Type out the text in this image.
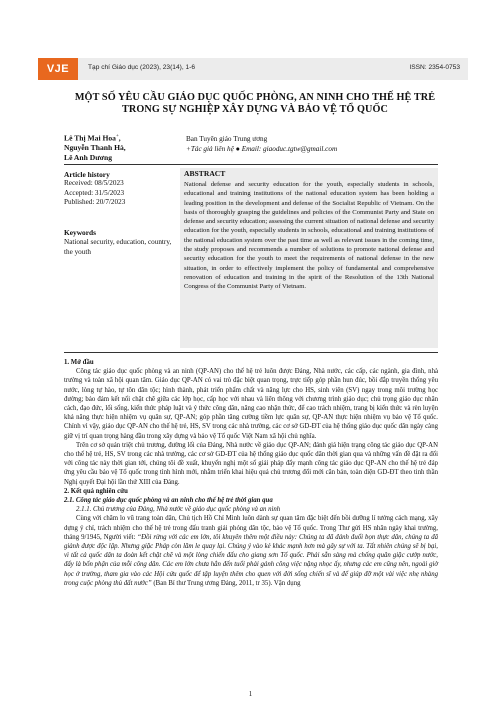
VJE	Tạp chí Giáo dục (2023), 23(14), 1-6	ISSN: 2354-0753
MỘT SỐ YÊU CẦU GIÁO DỤC QUỐC PHÒNG, AN NINH CHO THẾ HỆ TRẺ
TRONG SỰ NGHIỆP XÂY DỰNG VÀ BẢO VỆ TỔ QUỐC
Lê Thị Mai Hoa+,
Nguyễn Thanh Hà,
Lê Anh Dương
Ban Tuyên giáo Trung ương
+Tác giả liên hệ ● Email: giaoduc.tgtw@gmail.com
Article history
Received: 08/5/2023
Accepted: 31/5/2023
Published: 20/7/2023
Keywords
National security, education, country, the youth
ABSTRACT
National defense and security education for the youth, especially students in schools, educational and training institutions of the national education system has been holding a leading position in the development and defense of the Socialist Republic of Vietnam. On the basis of thoroughly grasping the guidelines and policies of the Communist Party and State on defense and security education; assessing the current situation of national defense and security education for the youth, especially students in schools, educational and training institutions of the national education system over the past time as well as relevant issues in the coming time, the study proposes and recommends a number of solutions to promote national defense and security education for the youth to meet the requirements of national defense in the new situation, in order to effectively implement the policy of fundamental and comprehensive renovation of education and training in the spirit of the Resolution of the 13th National Congress of the Communist Party of Vietnam.

1. Mở đầu

Công tác giáo dục quốc phòng và an ninh (QP-AN) cho thế hệ trẻ luôn được Đảng, Nhà nước, các cấp, các ngành, gia đình, nhà trường và toàn xã hội quan tâm. Giáo dục QP-AN có vai trò đặc biệt quan trọng, trực tiếp góp phần hun đúc, bồi đắp truyền thống yêu nước, lòng tự hào, tự tôn dân tộc; hình thành, phát triển phẩm chất và năng lực cho HS, sinh viên (SV) ngay trong môi trường học đường; bảo đảm kết nối chặt chẽ giữa các lớp học, cấp học với nhau và liên thông với chương trình giáo dục; chủ trọng giáo dục nhân cách, đạo đức, lối sống, kiến thức pháp luật và ý thức công dân, nâng cao nhận thức, để cao trách nhiệm, trang bị kiến thức và rèn luyện khả năng thực hiện nhiệm vụ quân sự, QP-AN; góp phần tăng cường tiềm lực quân sự, QP-AN thực hiện nhiệm vụ bảo vệ Tổ quốc. Chính vì vậy, giáo dục QP-AN cho thế hệ trẻ, HS, SV trong các nhà trường, các cơ sở GD-ĐT của hệ thống giáo dục quốc dân ngày càng giữ vị trí quan trọng hàng đầu trong xây dựng và bảo vệ Tổ quốc Việt Nam xã hội chủ nghĩa.

Trên cơ sở quán triệt chủ trương, đường lối của Đảng, Nhà nước về giáo dục QP-AN; đánh giá hiện trạng công tác giáo dục QP-AN cho thế hệ trẻ, HS, SV trong các nhà trường, các cơ sở GD-ĐT của hệ thống giáo dục quốc dân thời gian qua và những vấn đề đặt ra đối với công tác này thời gian tới, chúng tôi đề xuất, khuyến nghị một số giải pháp đẩy mạnh công tác giáo dục QP-AN cho thế hệ trẻ đáp ứng yêu cầu bảo vệ Tổ quốc trong tình hình mới, nhằm triển khai hiệu quả chủ trương đổi mới căn bản, toàn diện GD-ĐT theo tinh thần Nghị quyết Đại hội lần thứ XIII của Đảng.

2. Kết quả nghiên cứu

2.1. Công tác giáo dục quốc phòng và an ninh cho thế hệ trẻ thời gian qua

2.1.1. Chủ trương của Đảng, Nhà nước về giáo dục quốc phòng và an ninh

Cùng với chăm lo vũ trang toàn dân, Chủ tịch Hồ Chí Minh luôn dành sự quan tâm đặc biệt đến bồi dưỡng lí tưởng cách mạng, xây dựng ý chí, trách nhiệm cho thế hệ trẻ trong đấu tranh giải phóng dân tộc, bảo vệ Tổ quốc. Trong Thư gửi HS nhân ngày khai trường, tháng 9/1945, Người viết: “Đồi rừng với các em lớn, tôi khuyên thêm một điều này: Chúng ta đã đánh đuổi bọn thực dân, chúng ta đã giành được độc lập. Nhưng giặc Pháp còn lăm le quay lại. Chúng ý vào kẻ khác mạnh hơn mà gây sự với ta. Tất nhiên chúng sẽ bị bại, vì tất cả quốc dân ta đoàn kết chặt chẽ và một lòng chiến đấu cho giang sơn Tổ quốc. Phải sẵn sàng mà chống quân giặc cướp nước, đấy là bổn phận của mỗi công dân. Các em lớn chưa hẳn đến tuổi phải gánh công việc nặng nhọc ấy, nhưng các em cũng nên, ngoài giờ học ở trường, tham gia vào các Hội cứu quốc để tập luyện thêm cho quen với đời sống chiến sĩ và để giúp đỡ một vài việc nhẹ nhàng trong cuộc phòng thủ đất nước” (Ban Bí thư Trung ương Đảng, 2011, tr 35). Vận dụng

1
